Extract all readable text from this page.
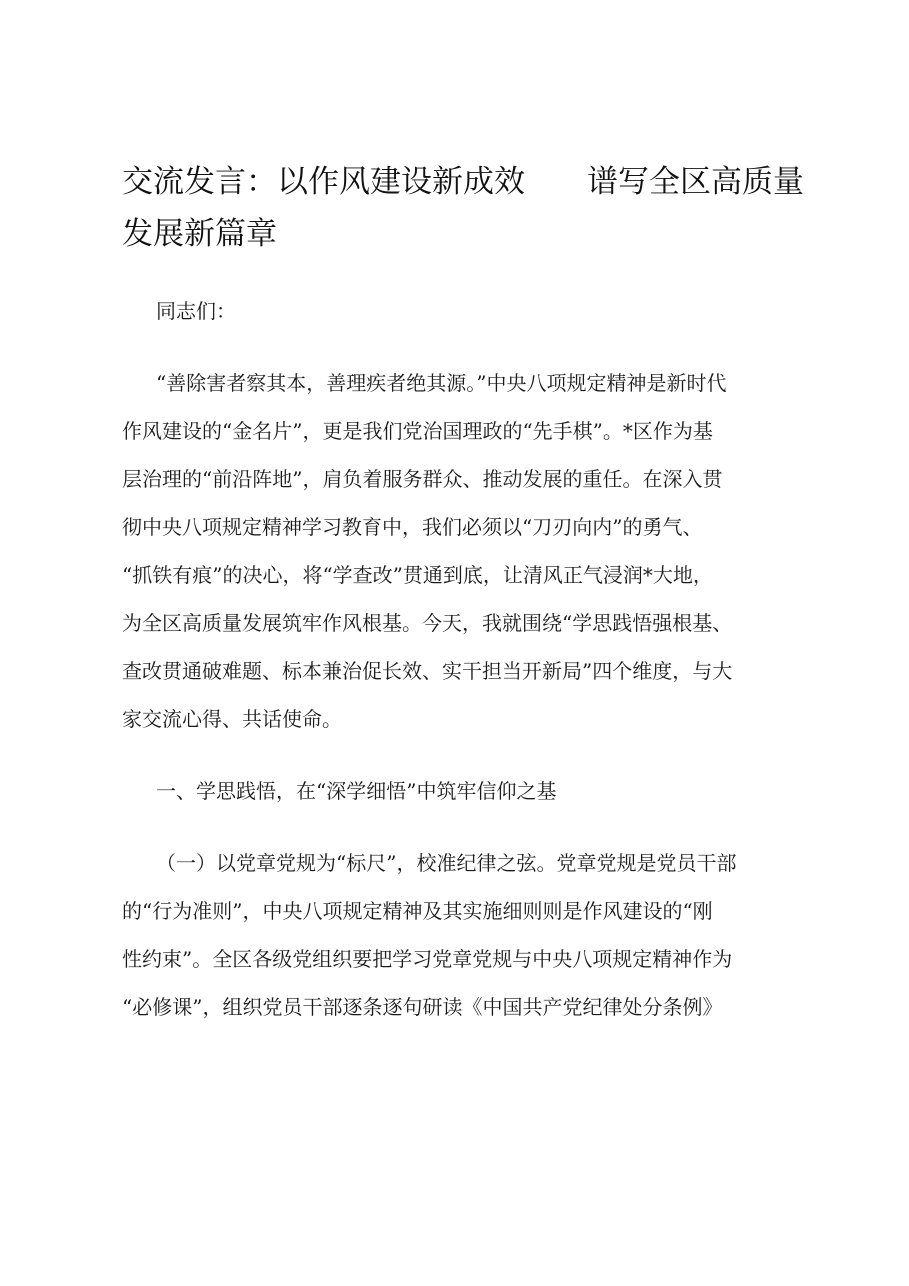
交流发言：以作风建设新成效　　谱写全区高质量
发展新篇章

同志们：

“善除害者察其本，善理疾者绝其源。”中央八项规定精神是新时代
作风建设的“金名片”，更是我们党治国理政的“先手棋”。*区作为基
层治理的“前沿阵地”，肩负着服务群众、推动发展的重任。在深入贯
彻中央八项规定精神学习教育中，我们必须以“刀刃向内”的勇气、
“抓铁有痕”的决心，将“学查改”贯通到底，让清风正气浸润*大地，
为全区高质量发展筑牢作风根基。今天，我就围绕“学思践悟强根基、
查改贯通破难题、标本兼治促长效、实干担当开新局”四个维度，与大
家交流心得、共话使命。

一、学思践悟，在“深学细悟”中筑牢信仰之基

（一）以党章党规为“标尺”，校准纪律之弦。党章党规是党员干部
的“行为准则”，中央八项规定精神及其实施细则则是作风建设的“刚
性约束”。全区各级党组织要把学习党章党规与中央八项规定精神作为
“必修课”，组织党员干部逐条逐句研读《中国共产党纪律处分条例》
